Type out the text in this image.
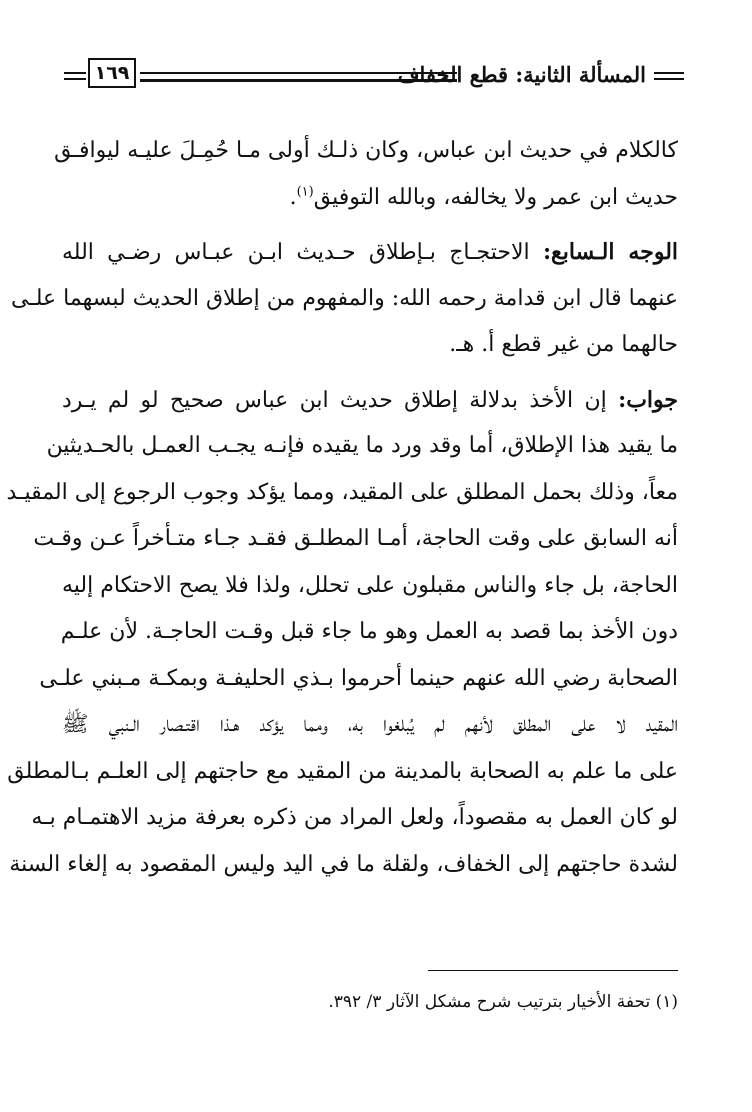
١٦٩	المسألة الثانية: قطع الخفاف
كالكلام في حديث ابن عباس، وكان ذلـك أولى مـا حُمِـلَ عليـه ليوافـق
حديث ابن عمر ولا يخالفه، وبالله التوفيق$^{(١)}$.
الوجه الـسابع: الاحتجـاج بـإطلاق حـديث ابـن عبـاس رضـي الله
عنهما قال ابن قدامة رحمه الله: والمفهوم من إطلاق الحديث لبسهما علـى
حالهما من غير قطع أ. هـ.
جواب: إن الأخذ بدلالة إطلاق حديث ابن عباس صحيح لو لم يـرد
ما يقيد هذا الإطلاق، أما وقد ورد ما يقيده فإنـه يجـب العمـل بالحـديثين
معاً، وذلك بحمل المطلق على المقيد، ومما يؤكد وجوب الرجوع إلى المقيـد
أنه السابق على وقت الحاجة، أمـا المطلـق فقـد جـاء متـأخراً عـن وقـت
الحاجة، بل جاء والناس مقبلون على تحلل، ولذا فلا يصح الاحتكام إليه
دون الأخذ بما قصد به العمل وهو ما جاء قبل وقـت الحاجـة. لأن علـم
الصحابة رضي الله عنهم حينما أحرموا بـذي الحليفـة وبمكـة مـبني علـى
المقيد لا على المطلق لأنهم لم يُبلغوا به، ومما يؤكد هـذا اقتـصار الـنبي ﷺ
على ما علم به الصحابة بالمدينة من المقيد مع حاجتهم إلى العلـم بـالمطلق
لو كان العمل به مقصوداً، ولعل المراد من ذكره بعرفة مزيد الاهتمـام بـه
لشدة حاجتهم إلى الخفاف، ولقلة ما في اليد وليس المقصود به إلغاء السنة
(١) تحفة الأخيار بترتيب شرح مشكل الآثار ٣/ ٣٩٢.
